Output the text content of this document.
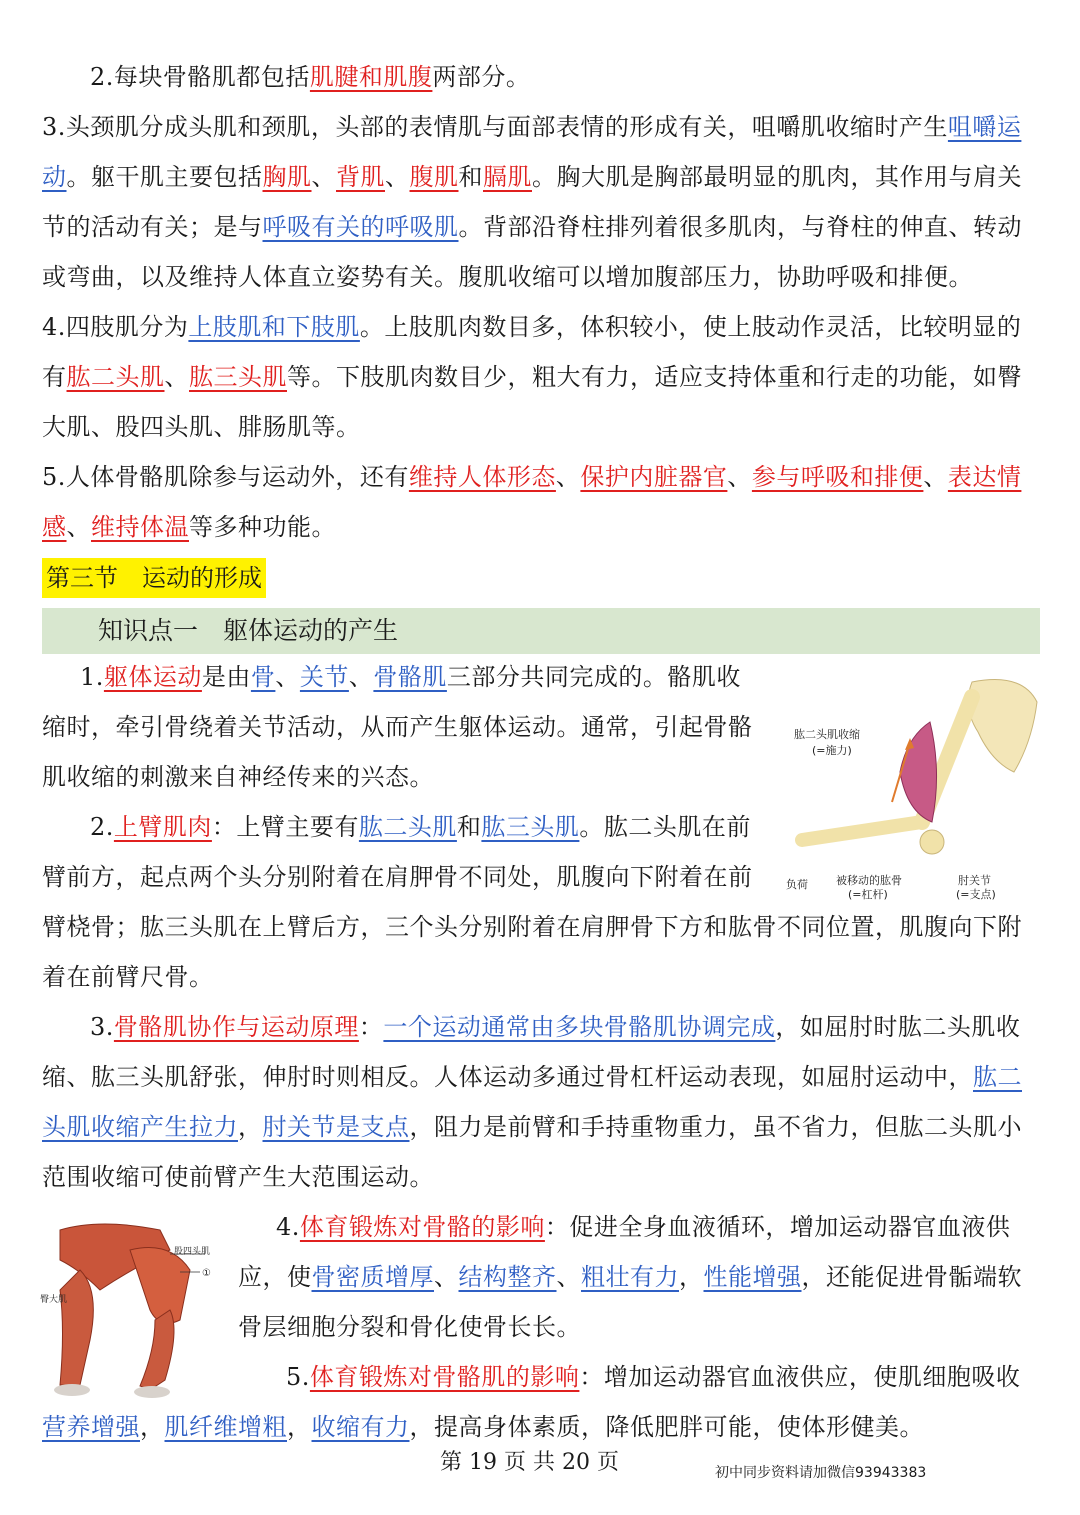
2.每块骨骼肌都包括肌腱和肌腹两部分。

3.头颈肌分成头肌和颈肌，头部的表情肌与面部表情的形成有关，咀嚼肌收缩时产生咀嚼运动。躯干肌主要包括胸肌、背肌、腹肌和膈肌。胸大肌是胸部最明显的肌肉，其作用与肩关节的活动有关；是与呼吸有关的呼吸肌。背部沿脊柱排列着很多肌肉，与脊柱的伸直、转动或弯曲，以及维持人体直立姿势有关。腹肌收缩可以增加腹部压力，协助呼吸和排便。

4.四肢肌分为上肢肌和下肢肌。上肢肌肉数目多，体积较小，使上肢动作灵活，比较明显的有肱二头肌、肱三头肌等。下肢肌肉数目少，粗大有力，适应支持体重和行走的功能，如臀大肌、股四头肌、腓肠肌等。

5.人体骨骼肌除参与运动外，还有维持人体形态、保护内脏器官、参与呼吸和排便、表达情感、维持体温等多种功能。

第三节　运动的形成
知识点一　躯体运动的产生

1.躯体运动是由骨、关节、骨骼肌三部分共同完成的。骼肌收缩时，牵引骨绕着关节活动，从而产生躯体运动。通常，引起骨骼肌收缩的刺激来自神经传来的兴态。

2.上臂肌肉：上臂主要有肱二头肌和肱三头肌。肱二头肌在前臂前方，起点两个头分别附着在肩胛骨不同处，肌腹向下附着在前臂桡骨；肱三头肌在上臂后方，三个头分别附着在肩胛骨下方和肱骨不同位置，肌腹向下附着在前臂尺骨。

肱二头肌收缩
(=施力)
负荷	被移动的肱骨
(=杠杆)
肘关节
(=支点)

3.骨骼肌协作与运动原理：一个运动通常由多块骨骼肌协调完成，如屈肘时肱二头肌收缩、肱三头肌舒张，伸肘时则相反。人体运动多通过骨杠杆运动表现，如屈肘运动中，肱二头肌收缩产生拉力，肘关节是支点，阻力是前臂和手持重物重力，虽不省力，但肱二头肌小范围收缩可使前臂产生大范围运动。

股四头肌
①
臀大肌

4.体育锻炼对骨骼的影响：促进全身血液循环，增加运动器官血液供应，使骨密质增厚、结构整齐、粗壮有力，性能增强，还能促进骨骺端软骨层细胞分裂和骨化使骨长长。

5.体育锻炼对骨骼肌的影响：增加运动器官血液供应，使肌细胞吸收营养增强，肌纤维增粗，收缩有力，提高身体素质，降低肥胖可能，使体形健美。

第 19 页 共 20 页	初中同步资料请加微信93943383
